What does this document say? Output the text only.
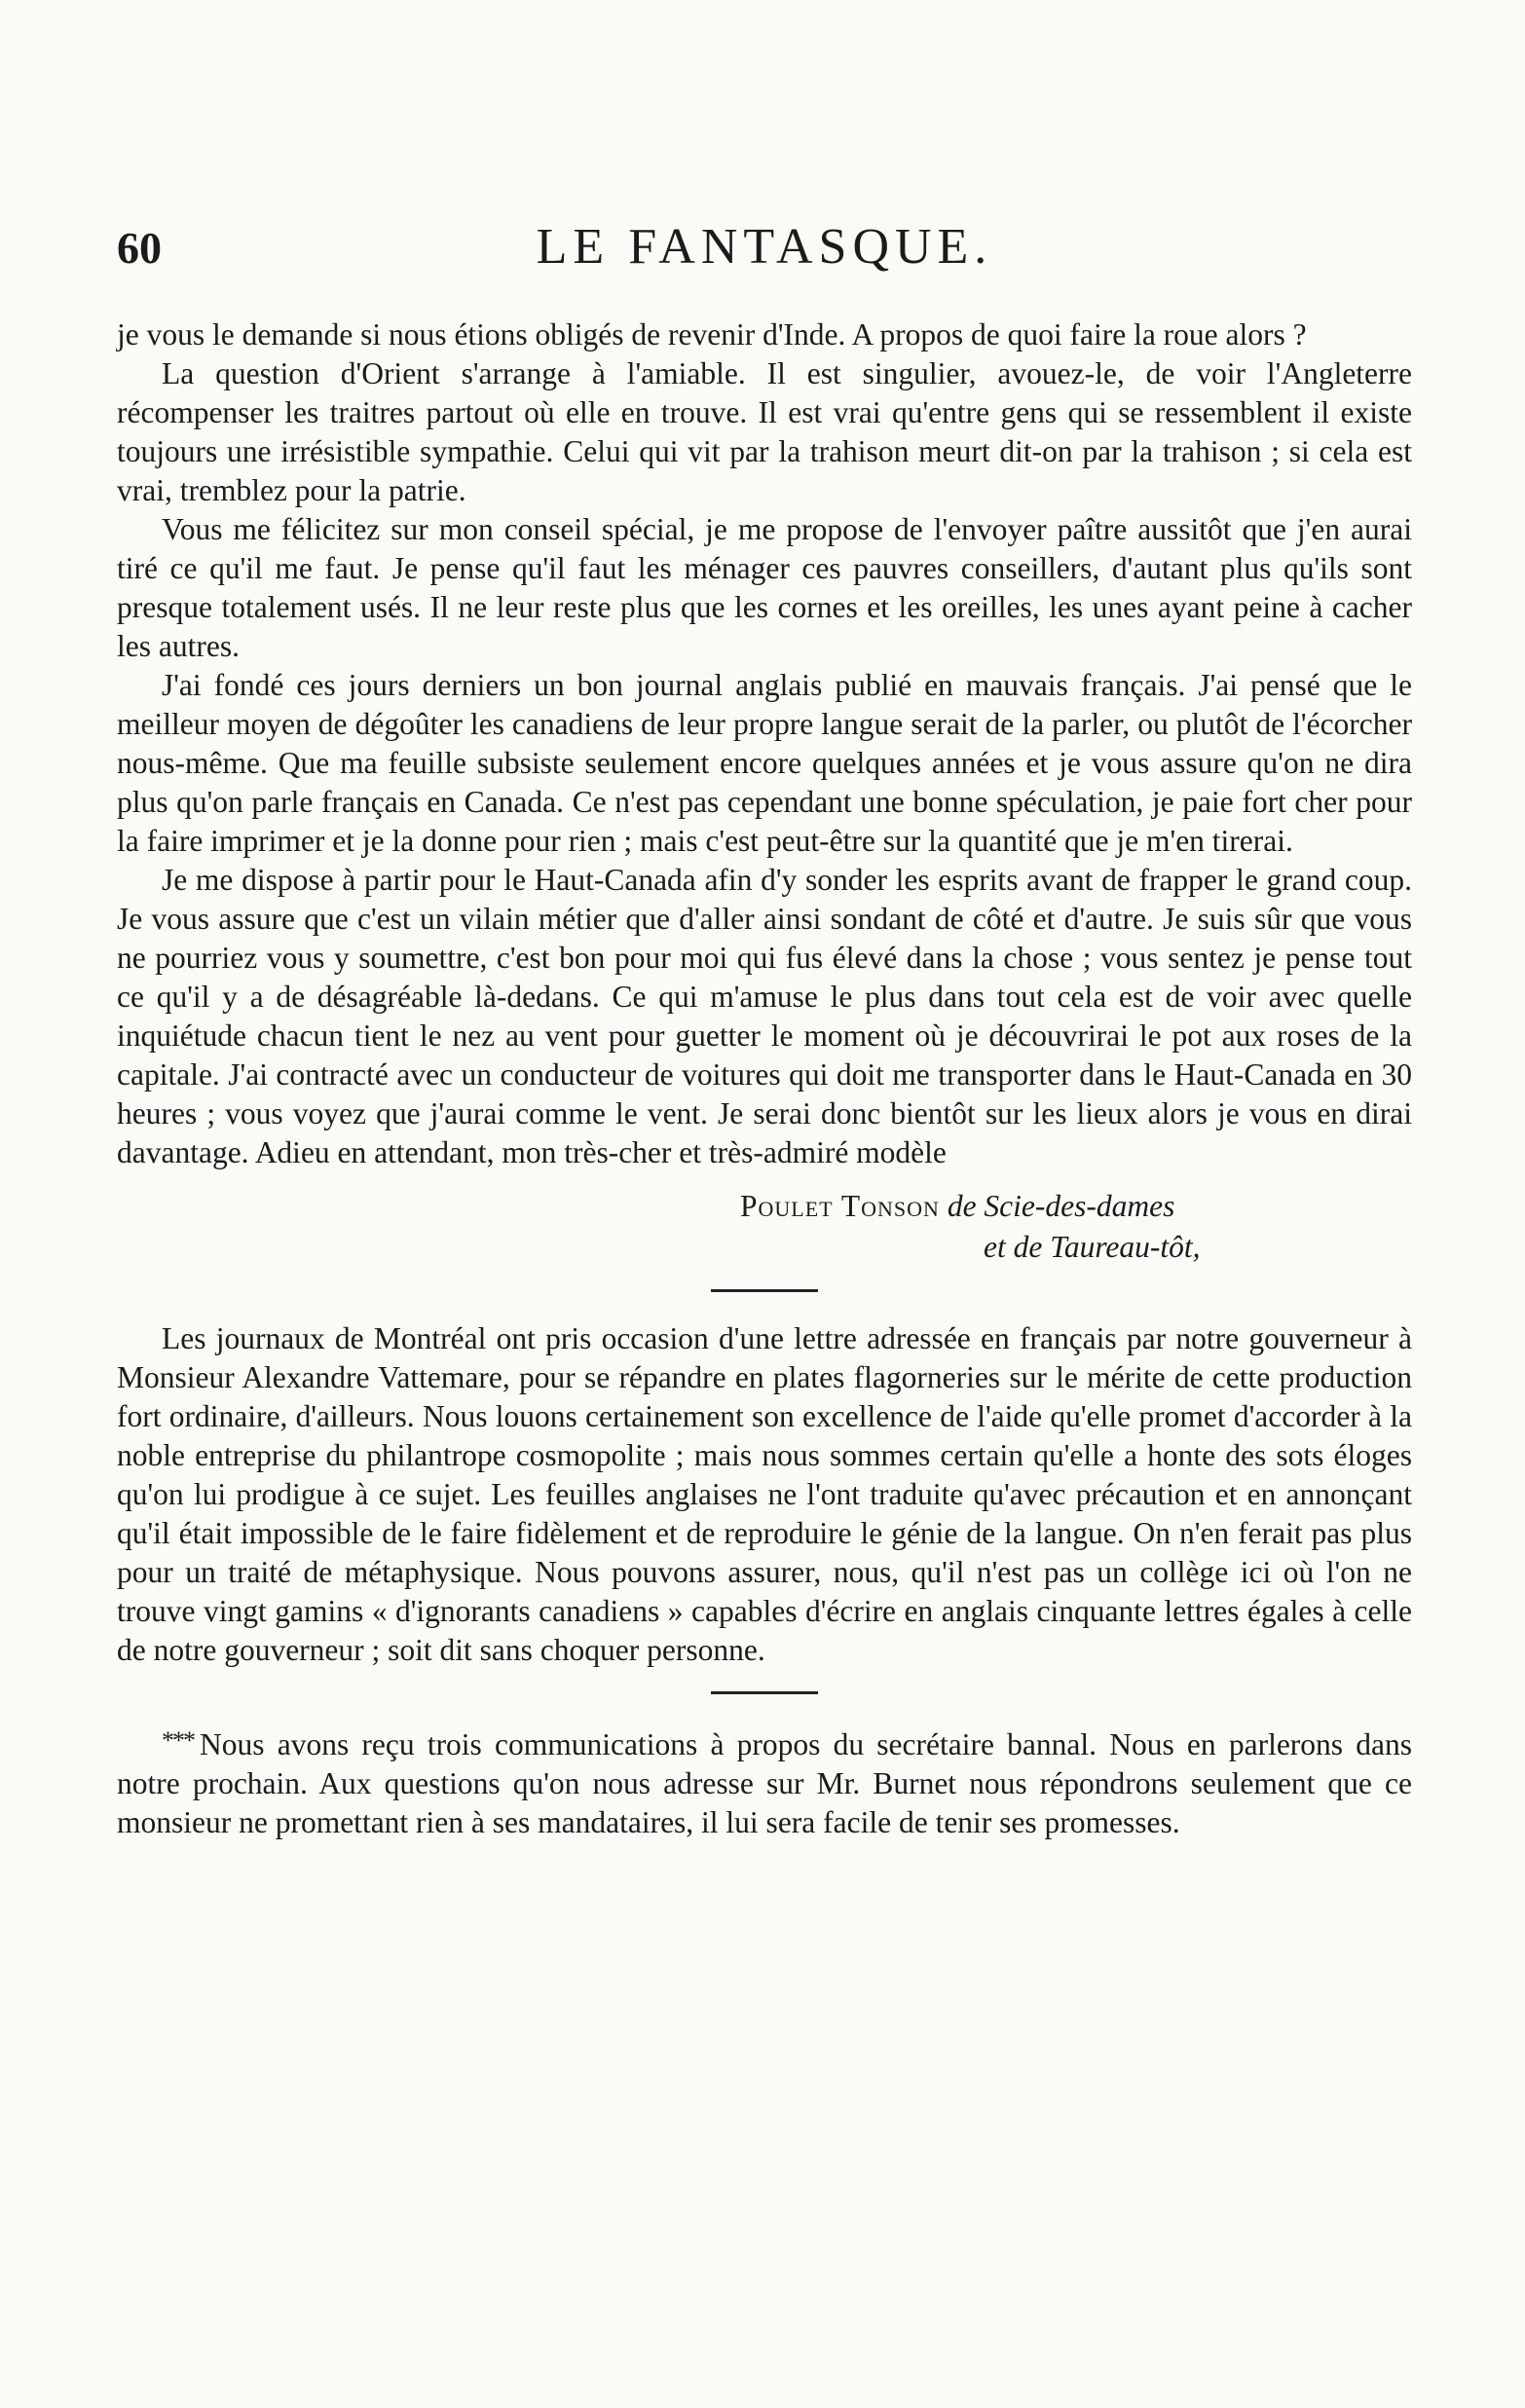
60	LE FANTASQUE.

je vous le demande si nous étions obligés de revenir d'Inde. A propos de quoi faire la roue alors ?

La question d'Orient s'arrange à l'amiable. Il est singulier, avouez-le, de voir l'Angleterre récompenser les traitres partout où elle en trouve. Il est vrai qu'entre gens qui se ressemblent il existe toujours une irrésistible sympathie. Celui qui vit par la trahison meurt dit-on par la trahison ; si cela est vrai, tremblez pour la patrie.

Vous me félicitez sur mon conseil spécial, je me propose de l'envoyer paître aussitôt que j'en aurai tiré ce qu'il me faut. Je pense qu'il faut les ménager ces pauvres conseillers, d'autant plus qu'ils sont presque totalement usés. Il ne leur reste plus que les cornes et les oreilles, les unes ayant peine à cacher les autres.

J'ai fondé ces jours derniers un bon journal anglais publié en mauvais français. J'ai pensé que le meilleur moyen de dégoûter les canadiens de leur propre langue serait de la parler, ou plutôt de l'écorcher nous-même. Que ma feuille subsiste seulement encore quelques années et je vous assure qu'on ne dira plus qu'on parle français en Canada. Ce n'est pas cependant une bonne spéculation, je paie fort cher pour la faire imprimer et je la donne pour rien ; mais c'est peut-être sur la quantité que je m'en tirerai.

Je me dispose à partir pour le Haut-Canada afin d'y sonder les esprits avant de frapper le grand coup. Je vous assure que c'est un vilain métier que d'aller ainsi sondant de côté et d'autre. Je suis sûr que vous ne pourriez vous y soumettre, c'est bon pour moi qui fus élevé dans la chose ; vous sentez je pense tout ce qu'il y a de désagréable là-dedans. Ce qui m'amuse le plus dans tout cela est de voir avec quelle inquiétude chacun tient le nez au vent pour guetter le moment où je découvrirai le pot aux roses de la capitale. J'ai contracté avec un conducteur de voitures qui doit me transporter dans le Haut-Canada en 30 heures ; vous voyez que j'aurai comme le vent. Je serai donc bientôt sur les lieux alors je vous en dirai davantage. Adieu en attendant, mon très-cher et très-admiré modèle

Poulet Tonson de Scie-des-dames
et de Taureau-tôt,

Les journaux de Montréal ont pris occasion d'une lettre adressée en français par notre gouverneur à Monsieur Alexandre Vattemare, pour se répandre en plates flagorneries sur le mérite de cette production fort ordinaire, d'ailleurs. Nous louons certainement son excellence de l'aide qu'elle promet d'accorder à la noble entreprise du philantrope cosmopolite ; mais nous sommes certain qu'elle a honte des sots éloges qu'on lui prodigue à ce sujet. Les feuilles anglaises ne l'ont traduite qu'avec précaution et en annonçant qu'il était impossible de le faire fidèlement et de reproduire le génie de la langue. On n'en ferait pas plus pour un traité de métaphysique. Nous pouvons assurer, nous, qu'il n'est pas un collège ici où l'on ne trouve vingt gamins « d'ignorants canadiens » capables d'écrire en anglais cinquante lettres égales à celle de notre gouverneur ; soit dit sans choquer personne.

*⁣*⁣* Nous avons reçu trois communications à propos du secrétaire bannal. Nous en parlerons dans notre prochain. Aux questions qu'on nous adresse sur Mr. Burnet nous répondrons seulement que ce monsieur ne promettant rien à ses mandataires, il lui sera facile de tenir ses promesses.
